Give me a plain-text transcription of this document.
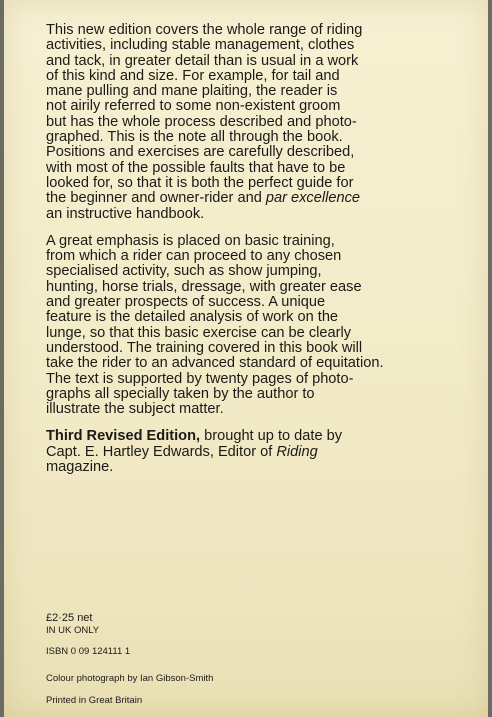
This new edition covers the whole range of riding
activities, including stable management, clothes
and tack, in greater detail than is usual in a work
of this kind and size. For example, for tail and
mane pulling and mane plaiting, the reader is
not airily referred to some non-existent groom
but has the whole process described and photo-
graphed. This is the note all through the book.
Positions and exercises are carefully described,
with most of the possible faults that have to be
looked for, so that it is both the perfect guide for
the beginner and owner-rider and par excellence
an instructive handbook.

A great emphasis is placed on basic training,
from which a rider can proceed to any chosen
specialised activity, such as show jumping,
hunting, horse trials, dressage, with greater ease
and greater prospects of success. A unique
feature is the detailed analysis of work on the
lunge, so that this basic exercise can be clearly
understood. The training covered in this book will
take the rider to an advanced standard of equitation.
The text is supported by twenty pages of photo-
graphs all specially taken by the author to
illustrate the subject matter.

Third Revised Edition, brought up to date by
Capt. E. Hartley Edwards, Editor of Riding
magazine.

£2·25 net
IN UK ONLY
ISBN 0 09 124111 1
Colour photograph by Ian Gibson-Smith
Printed in Great Britain
